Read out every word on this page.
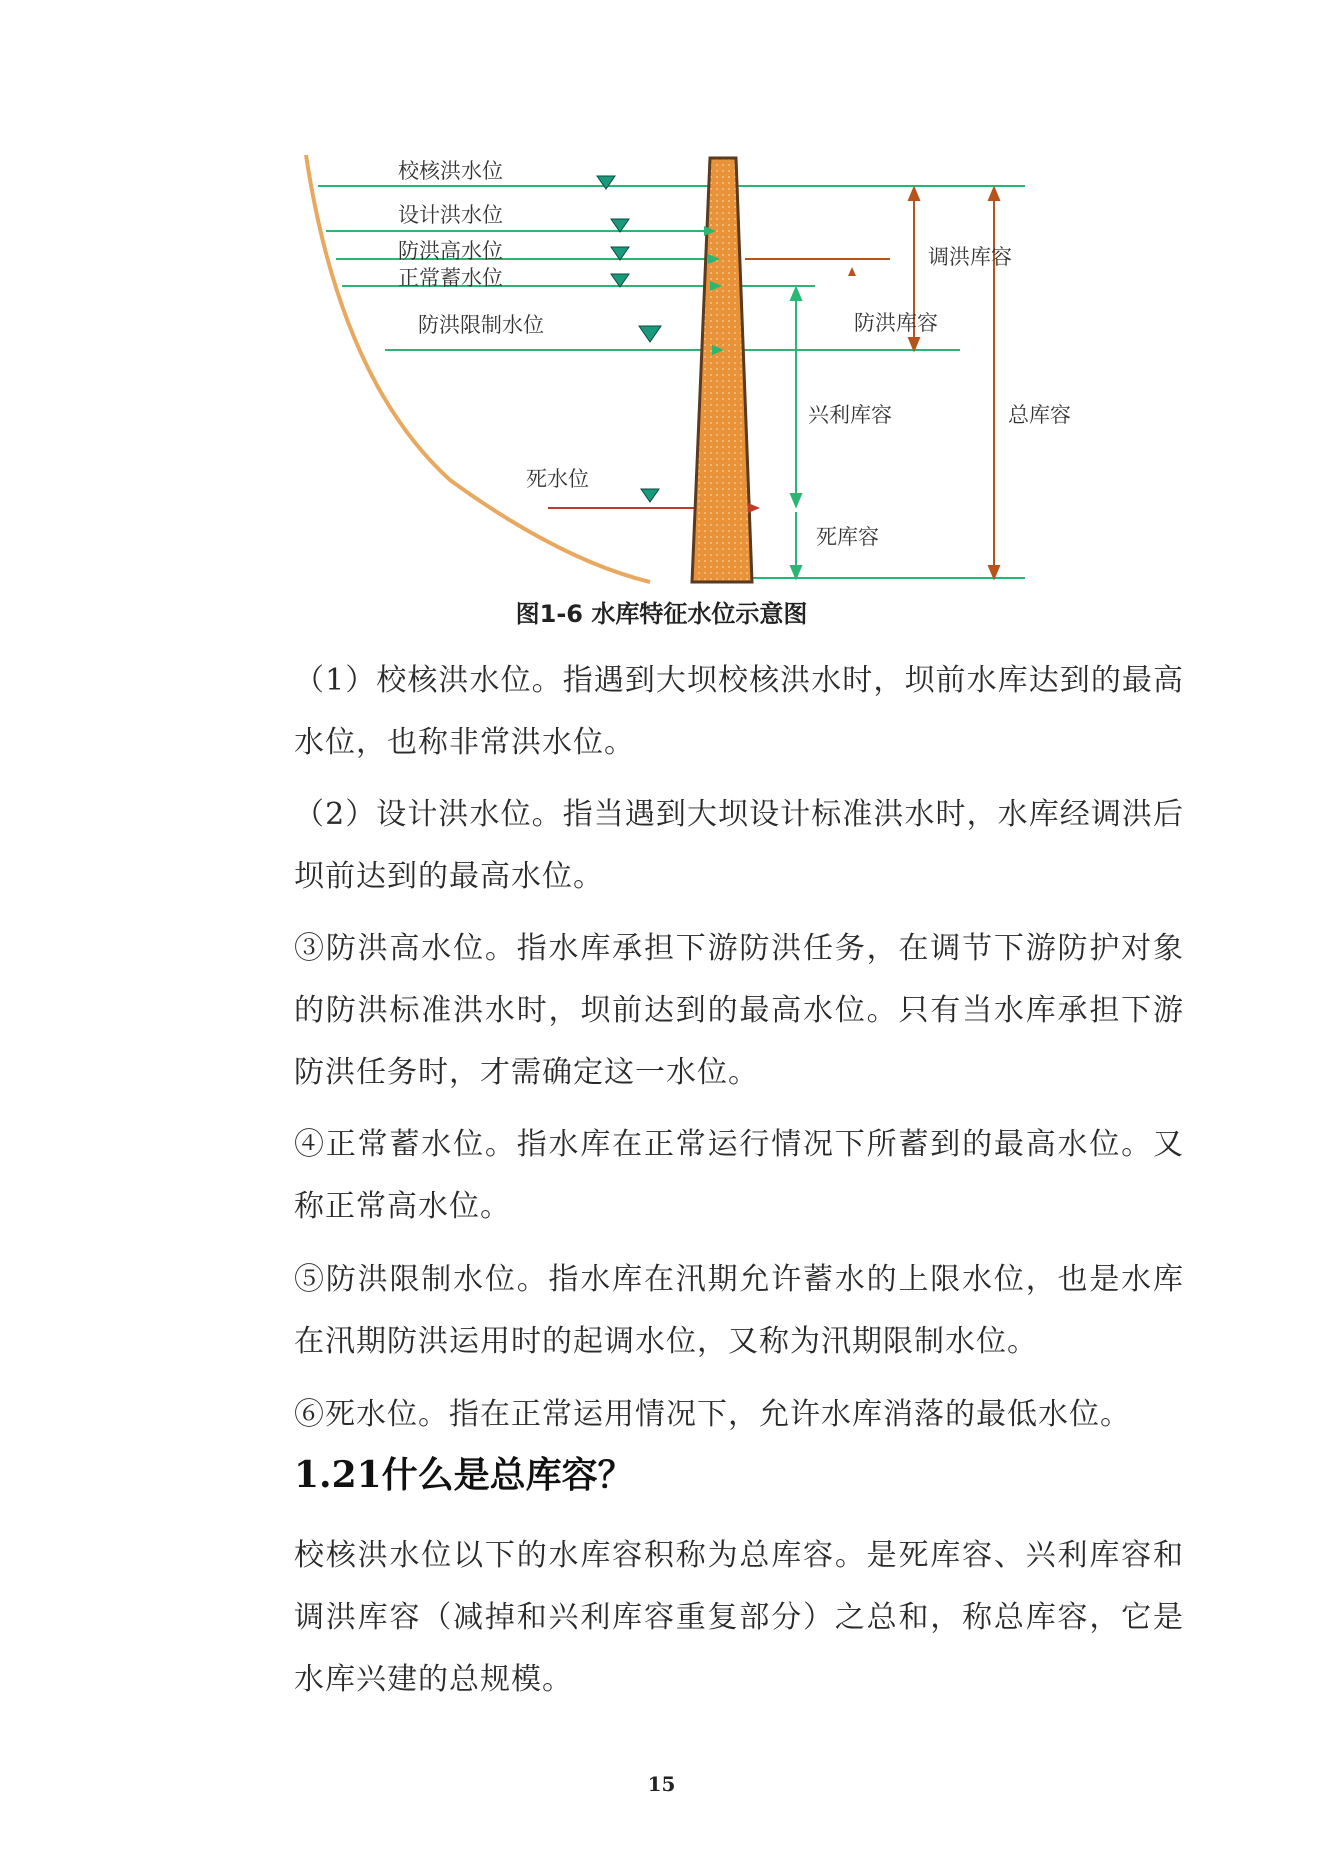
校核洪水位
设计洪水位
防洪高水位
正常蓄水位
防洪限制水位
死水位
调洪库容
防洪库容
兴利库容	总库容
死库容
图1-6 水库特征水位示意图

（1）校核洪水位。指遇到大坝校核洪水时，坝前水库达到的最高水位，也称非常洪水位。

（2）设计洪水位。指当遇到大坝设计标准洪水时，水库经调洪后坝前达到的最高水位。

③防洪高水位。指水库承担下游防洪任务，在调节下游防护对象的防洪标准洪水时，坝前达到的最高水位。只有当水库承担下游防洪任务时，才需确定这一水位。

④正常蓄水位。指水库在正常运行情况下所蓄到的最高水位。又称正常高水位。

⑤防洪限制水位。指水库在汛期允许蓄水的上限水位，也是水库在汛期防洪运用时的起调水位，又称为汛期限制水位。

⑥死水位。指在正常运用情况下，允许水库消落的最低水位。

1.21什么是总库容？

校核洪水位以下的水库容积称为总库容。是死库容、兴利库容和调洪库容（减掉和兴利库容重复部分）之总和，称总库容，它是水库兴建的总规模。

15
